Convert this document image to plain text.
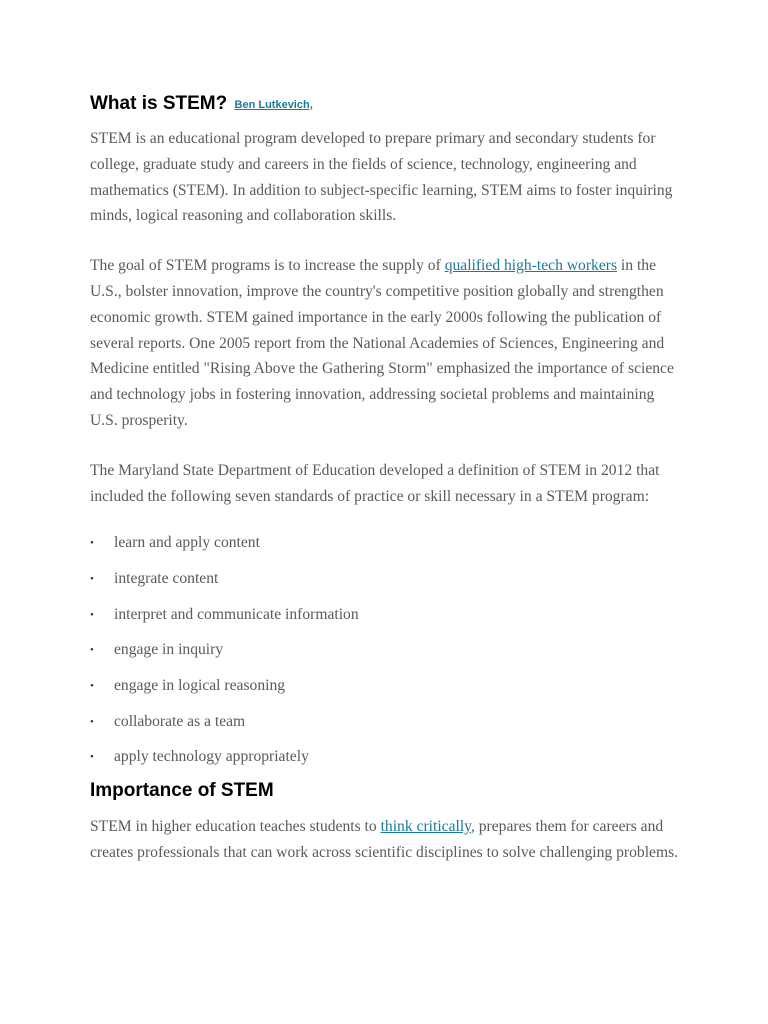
What is STEM? Ben Lutkevich,

STEM is an educational program developed to prepare primary and secondary students for college, graduate study and careers in the fields of science, technology, engineering and mathematics (STEM). In addition to subject-specific learning, STEM aims to foster inquiring minds, logical reasoning and collaboration skills.

The goal of STEM programs is to increase the supply of qualified high-tech workers in the U.S., bolster innovation, improve the country's competitive position globally and strengthen economic growth. STEM gained importance in the early 2000s following the publication of several reports. One 2005 report from the National Academies of Sciences, Engineering and Medicine entitled "Rising Above the Gathering Storm" emphasized the importance of science and technology jobs in fostering innovation, addressing societal problems and maintaining U.S. prosperity.

The Maryland State Department of Education developed a definition of STEM in 2012 that included the following seven standards of practice or skill necessary in a STEM program:

• learn and apply content
• integrate content
• interpret and communicate information
• engage in inquiry
• engage in logical reasoning
• collaborate as a team
• apply technology appropriately
Importance of STEM

STEM in higher education teaches students to think critically, prepares them for careers and creates professionals that can work across scientific disciplines to solve challenging problems.
